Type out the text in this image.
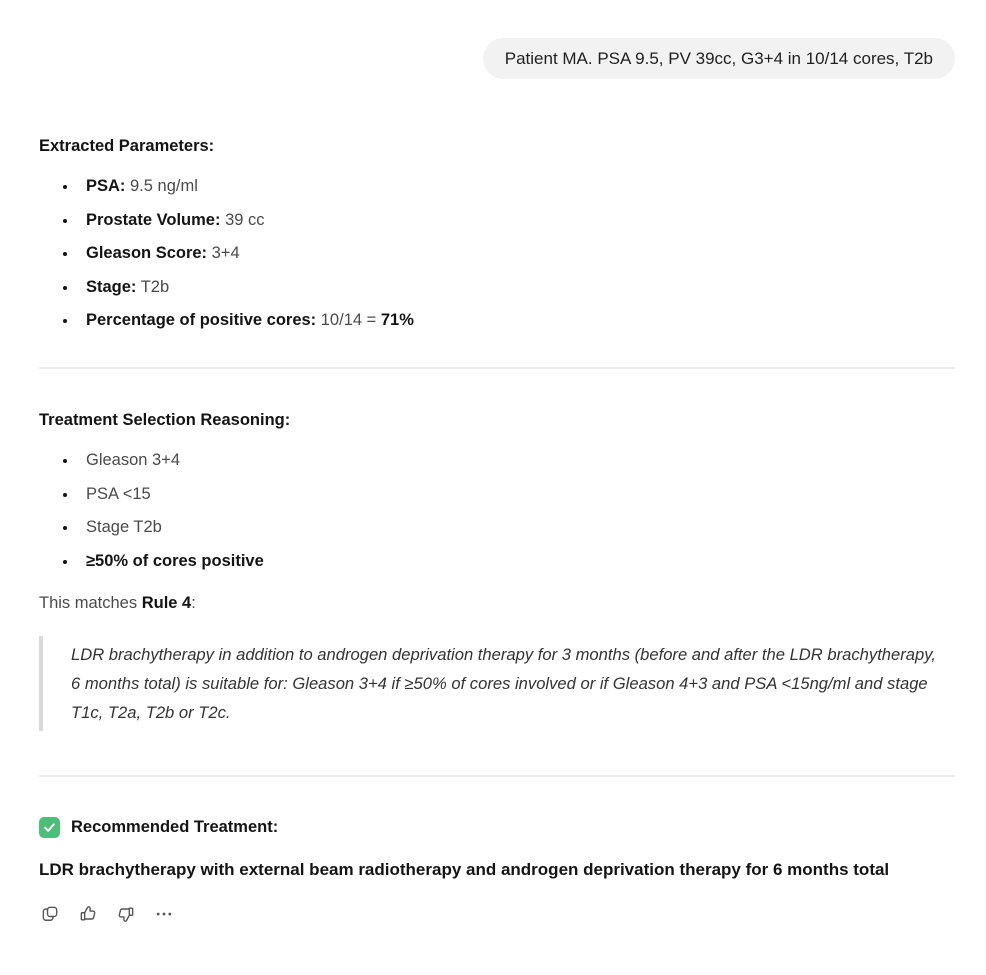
Patient MA. PSA 9.5, PV 39cc, G3+4 in 10/14 cores, T2b

Extracted Parameters:

• PSA: 9.5 ng/ml
• Prostate Volume: 39 cc
• Gleason Score: 3+4
• Stage: T2b
• Percentage of positive cores: 10/14 = 71%

Treatment Selection Reasoning:

• Gleason 3+4
• PSA <15
• Stage T2b
• ≥50% of cores positive

This matches Rule 4:

LDR brachytherapy in addition to androgen deprivation therapy for 3 months (before and after the LDR brachytherapy, 6 months total) is suitable for: Gleason 3+4 if ≥50% of cores involved or if Gleason 4+3 and PSA <15ng/ml and stage T1c, T2a, T2b or T2c.
Recommended Treatment:

LDR brachytherapy with external beam radiotherapy and androgen deprivation therapy for 6 months total
